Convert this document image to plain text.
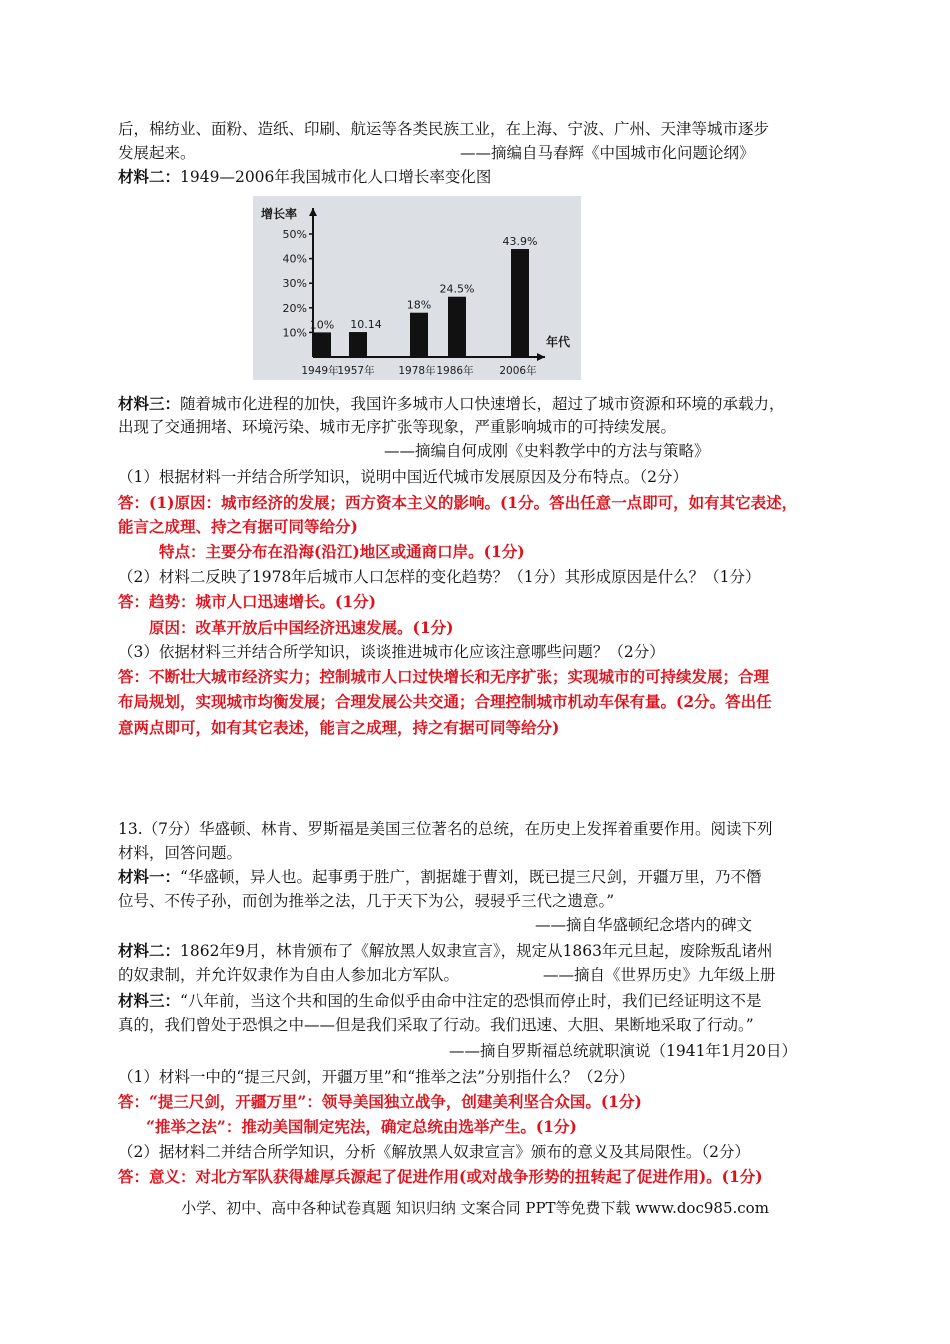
后，棉纺业、面粉、造纸、印刷、航运等各类民族工业，在上海、宁波、广州、天津等城市逐步
发展起来。	——摘编自马春辉《中国城市化问题论纲》
材料二：1949—2006年我国城市化人口增长率变化图
增长率
年代
10%
20%
30%
40%
50%
10%
1949年
10.14
1957年
18%
1978年
24.5%
1986年
43.9%
2006年
材料三：随着城市化进程的加快，我国许多城市人口快速增长，超过了城市资源和环境的承载力，
出现了交通拥堵、环境污染、城市无序扩张等现象，严重影响城市的可持续发展。
——摘编自何成刚《史料教学中的方法与策略》
（1）根据材料一并结合所学知识，说明中国近代城市发展原因及分布特点。（2分）
答：(1)原因：城市经济的发展；西方资本主义的影响。(1分。答出任意一点即可，如有其它表述，
能言之成理、持之有据可同等给分)
特点：主要分布在沿海(沿江)地区或通商口岸。(1分)
（2）材料二反映了1978年后城市人口怎样的变化趋势？（1分）其形成原因是什么？（1分）
答：趋势：城市人口迅速增长。(1分)
原因：改革开放后中国经济迅速发展。(1分)
（3）依据材料三并结合所学知识，谈谈推进城市化应该注意哪些问题？（2分）
答：不断壮大城市经济实力；控制城市人口过快增长和无序扩张；实现城市的可持续发展；合理
布局规划，实现城市均衡发展；合理发展公共交通；合理控制城市机动车保有量。(2分。答出任
意两点即可，如有其它表述，能言之成理，持之有据可同等给分)
13.（7分）华盛顿、林肯、罗斯福是美国三位著名的总统，在历史上发挥着重要作用。阅读下列
材料，回答问题。
材料一：“华盛顿，异人也。起事勇于胜广，割据雄于曹刘，既已提三尺剑，开疆万里，乃不僭
位号、不传子孙，而创为推举之法，几于天下为公，骎骎乎三代之遗意。”
——摘自华盛顿纪念塔内的碑文
材料二：1862年9月，林肯颁布了《解放黑人奴隶宣言》，规定从1863年元旦起，废除叛乱诸州
的奴隶制，并允许奴隶作为自由人参加北方军队。	——摘自《世界历史》九年级上册
材料三：“八年前，当这个共和国的生命似乎由命中注定的恐惧而停止时，我们已经证明这不是
真的，我们曾处于恐惧之中——但是我们采取了行动。我们迅速、大胆、果断地采取了行动。”
——摘自罗斯福总统就职演说（1941年1月20日）
（1）材料一中的“提三尺剑，开疆万里”和“推举之法”分别指什么？（2分）
答：“提三尺剑，开疆万里”：领导美国独立战争，创建美利坚合众国。(1分)
“推举之法”：推动美国制定宪法，确定总统由选举产生。(1分)
（2）据材料二并结合所学知识，分析《解放黑人奴隶宣言》颁布的意义及其局限性。（2分）
答：意义：对北方军队获得雄厚兵源起了促进作用(或对战争形势的扭转起了促进作用)。(1分)
小学、初中、高中各种试卷真题 知识归纳 文案合同 PPT等免费下载 www.doc985.com
